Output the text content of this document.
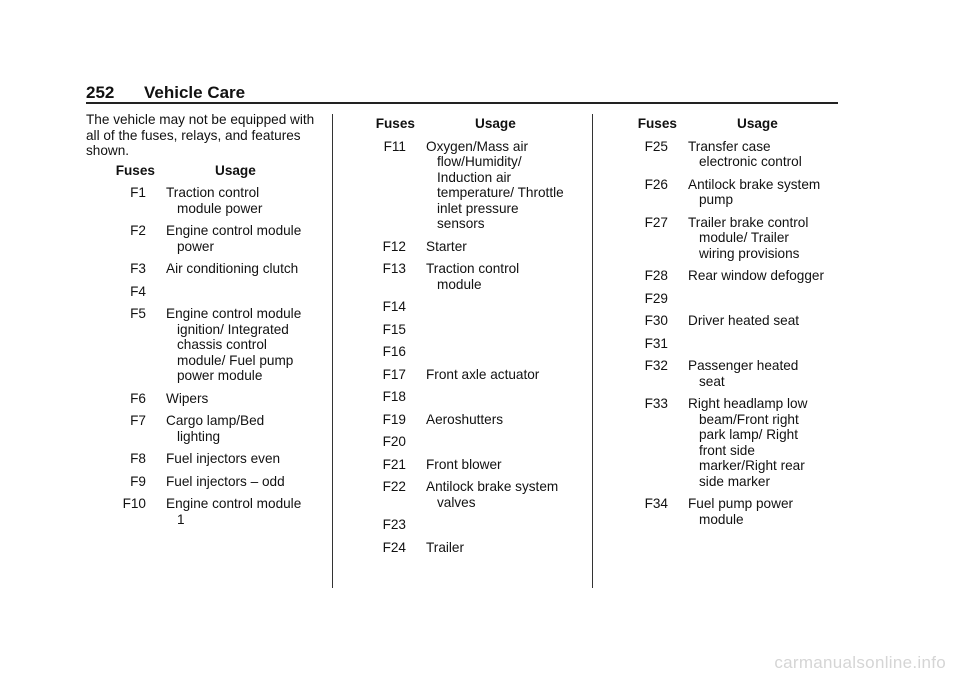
252 Vehicle Care

The vehicle may not be equipped with all of the fuses, relays, and features shown.

Fuses	Usage
F1	Traction control module power
F2	Engine control module power
F3	Air conditioning clutch
F4

F5	Engine control module ignition/ Integrated chassis control module/ Fuel pump power module
F6	Wipers
F7	Cargo lamp/Bed lighting
F8	Fuel injectors even
F9	Fuel injectors – odd
F10	Engine control module 1
Fuses	Usage
F11	Oxygen/Mass air flow/Humidity/ Induction air temperature/ Throttle inlet pressure sensors
F12	Starter
F13	Traction control module
F14

F15

F16

F17	Front axle actuator
F18

F19	Aeroshutters
F20

F21	Front blower
F22	Antilock brake system valves
F23

F24	Trailer
Fuses	Usage
F25	Transfer case electronic control
F26	Antilock brake system pump
F27	Trailer brake control module/ Trailer wiring provisions
F28	Rear window defogger
F29

F30	Driver heated seat
F31

F32	Passenger heated seat
F33	Right headlamp low beam/Front right park lamp/ Right front side marker/Right rear side marker
F34	Fuel pump power module
carmanualsonline.info
